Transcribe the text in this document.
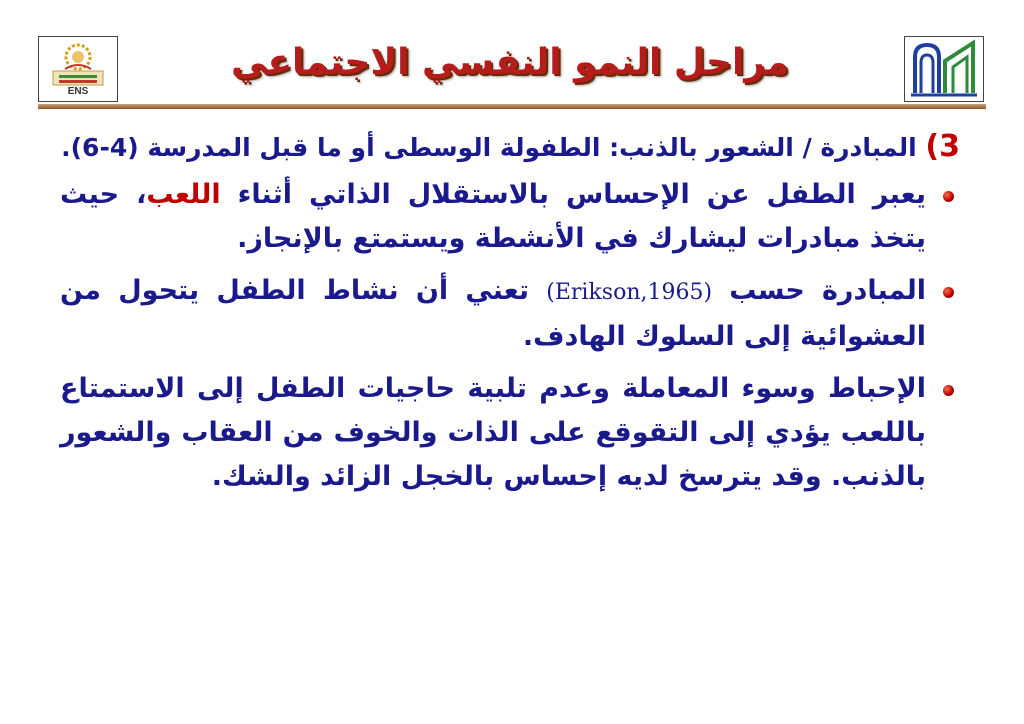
ENS
مراحل النمو النفسي الاجتماعي

3) المبادرة / الشعور بالذنب: الطفولة الوسطى أو ما قبل المدرسة (4-6).

يعبر الطفل عن الإحساس بالاستقلال الذاتي أثناء اللعب، حيث يتخذ مبادرات ليشارك في الأنشطة ويستمتع بالإنجاز.

المبادرة حسب (Erikson,1965) تعني أن نشاط الطفل يتحول من العشوائية إلى السلوك الهادف.

الإحباط وسوء المعاملة وعدم تلبية حاجيات الطفل إلى الاستمتاع باللعب يؤدي إلى التقوقع على الذات والخوف من العقاب والشعور بالذنب. وقد يترسخ لديه إحساس بالخجل الزائد والشك.
